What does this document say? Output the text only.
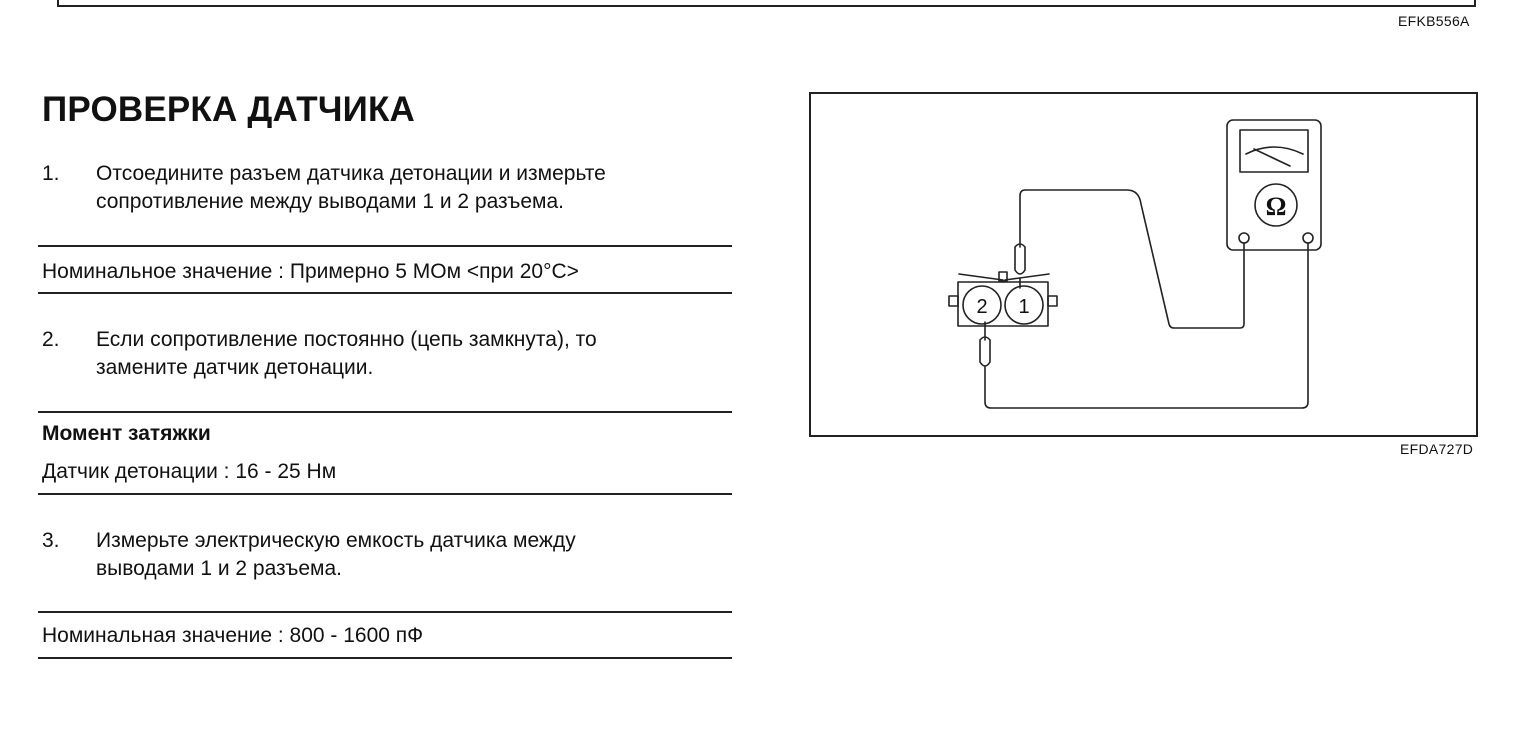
EFKB556A
ПРОВЕРКА ДАТЧИКА
1. Отсоедините разъем датчика детонации и измерьте
сопротивление между выводами 1 и 2 разъема.
Номинальное значение : Примерно 5 МОм <при 20°C>
2. Если сопротивление постоянно (цепь замкнута), то
замените датчик детонации.
Момент затяжки
Датчик детонации : 16 - 25 Нм
3. Измерьте электрическую емкость датчика между
выводами 1 и 2 разъема.
Номинальная значение : 800 - 1600 пФ
Ω
2 1
EFDA727D
